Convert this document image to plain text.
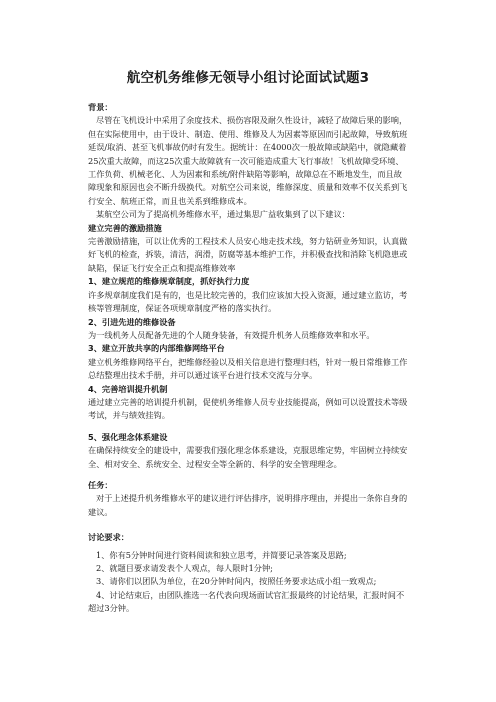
航空机务维修无领导小组讨论面试试题3

背景：

尽管在飞机设计中采用了余度技术、损伤容限及耐久性设计，减轻了故障后果的影响，但在实际使用中，由于设计、制造、使用、维修及人为因素等原因而引起故障，导致航班延误/取消、甚至飞机事故仍时有发生。据统计：在4000次一般故障或缺陷中，就隐藏着25次重大故障，而这25次重大故障就有一次可能造成重大飞行事故！飞机故障受环境、工作负荷、机械老化、人为因素和系统/附件缺陷等影响，故障总在不断地发生，而且故障现象和原因也会不断升级换代。对航空公司来说，维修深度、质量和效率不仅关系到飞行安全、航班正常，而且也关系到维修成本。

某航空公司为了提高机务维修水平，通过集思广益收集到了以下建议：

建立完善的激励措施

完善激励措施，可以让优秀的工程技术人员安心地走技术线，努力钻研业务知识，认真做好飞机的检查，拆装，清洁，润滑，防腐等基本维护工作，并积极查找和消除飞机隐患或缺陷，保证飞行安全正点和提高维修效率

1、建立规范的维修规章制度，抓好执行力度

许多规章制度我们是有的，也是比较完善的，我们应该加大投入资源，通过建立监访，考核等管理制度，保证各项规章制度严格的落实执行。

2、引进先进的维修设备

为一线机务人员配备先进的个人随身装备，有效提升机务人员维修效率和水平。

3、建立开放共享的内部维修网络平台

建立机务维修网络平台，把维修经验以及相关信息进行整理归档，针对一般日常维修工作总结整理出技术手册，并可以通过该平台进行技术交流与分享。

4、完善培训提升机制

通过建立完善的培训提升机制，促使机务维修人员专业技能提高，例如可以设置技术等级考试，并与绩效挂钩。

5、强化理念体系建设

在确保持续安全的建设中，需要我们强化理念体系建设，克服思维定势，牢固树立持续安全、相对安全、系统安全、过程安全等全新的、科学的安全管理理念。

任务：

对于上述提升机务维修水平的建议进行评估排序，说明排序理由，并提出一条你自身的建议。

讨论要求：

1、你有5分钟时间进行资料阅读和独立思考，并简要记录答案及思路;

2、就题目要求请发表个人观点，每人限时1分钟;

3、请你们以团队为单位，在20分钟时间内，按照任务要求达成小组一致观点;

4、讨论结束后，由团队推选一名代表向现场面试官汇报最终的讨论结果，汇报时间不超过3分钟。
